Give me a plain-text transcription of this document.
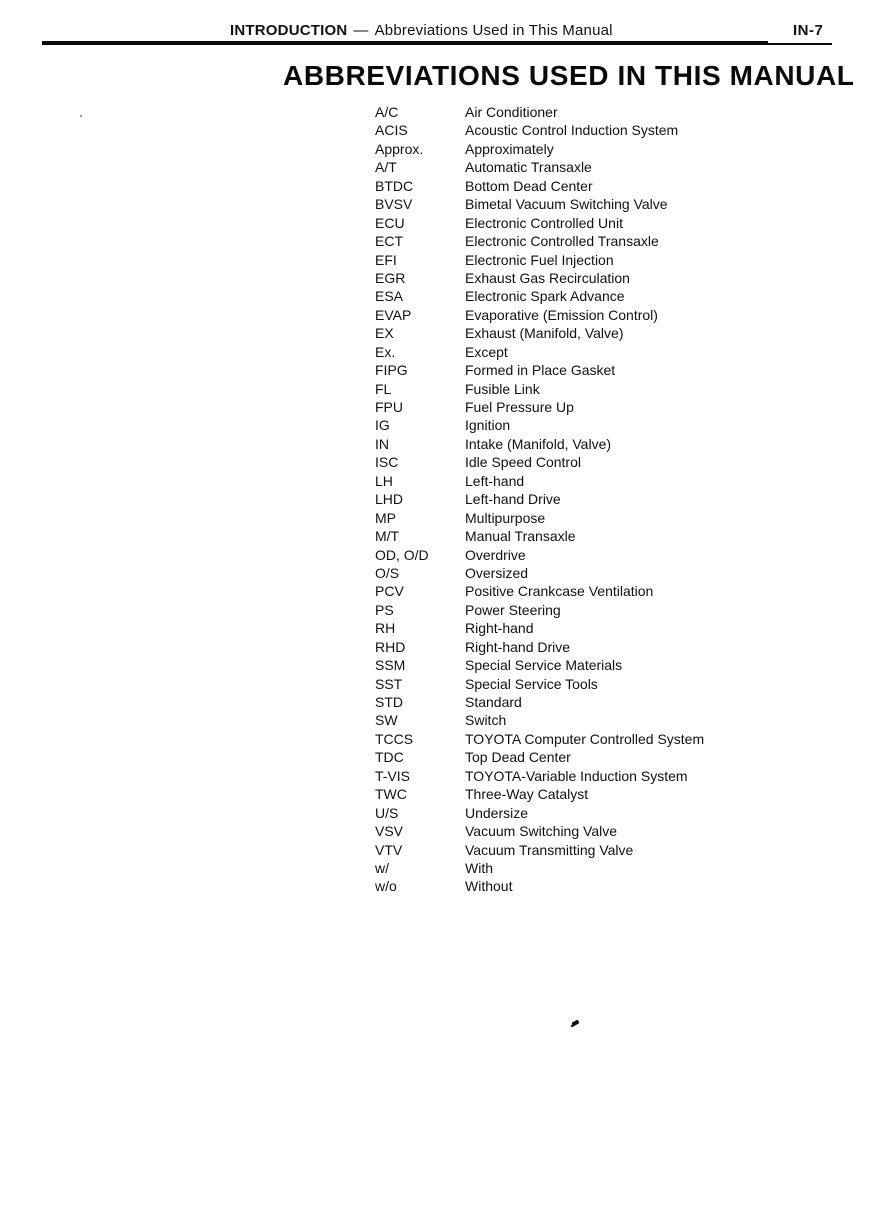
INTRODUCTION — Abbreviations Used in This Manual	IN-7
ABBREVIATIONS USED IN THIS MANUAL
A/C	Air Conditioner
ACIS	Acoustic Control Induction System
Approx.	Approximately
A/T	Automatic Transaxle
BTDC	Bottom Dead Center
BVSV	Bimetal Vacuum Switching Valve
ECU	Electronic Controlled Unit
ECT	Electronic Controlled Transaxle
EFI	Electronic Fuel Injection
EGR	Exhaust Gas Recirculation
ESA	Electronic Spark Advance
EVAP	Evaporative (Emission Control)
EX	Exhaust (Manifold, Valve)
Ex.	Except
FIPG	Formed in Place Gasket
FL	Fusible Link
FPU	Fuel Pressure Up
IG	Ignition
IN	Intake (Manifold, Valve)
ISC	Idle Speed Control
LH	Left-hand
LHD	Left-hand Drive
MP	Multipurpose
M/T	Manual Transaxle
OD, O/D	Overdrive
O/S	Oversized
PCV	Positive Crankcase Ventilation
PS	Power Steering
RH	Right-hand
RHD	Right-hand Drive
SSM	Special Service Materials
SST	Special Service Tools
STD	Standard
SW	Switch
TCCS	TOYOTA Computer Controlled System
TDC	Top Dead Center
T-VIS	TOYOTA-Variable Induction System
TWC	Three-Way Catalyst
U/S	Undersize
VSV	Vacuum Switching Valve
VTV	Vacuum Transmitting Valve
w/	With
w/o	Without
